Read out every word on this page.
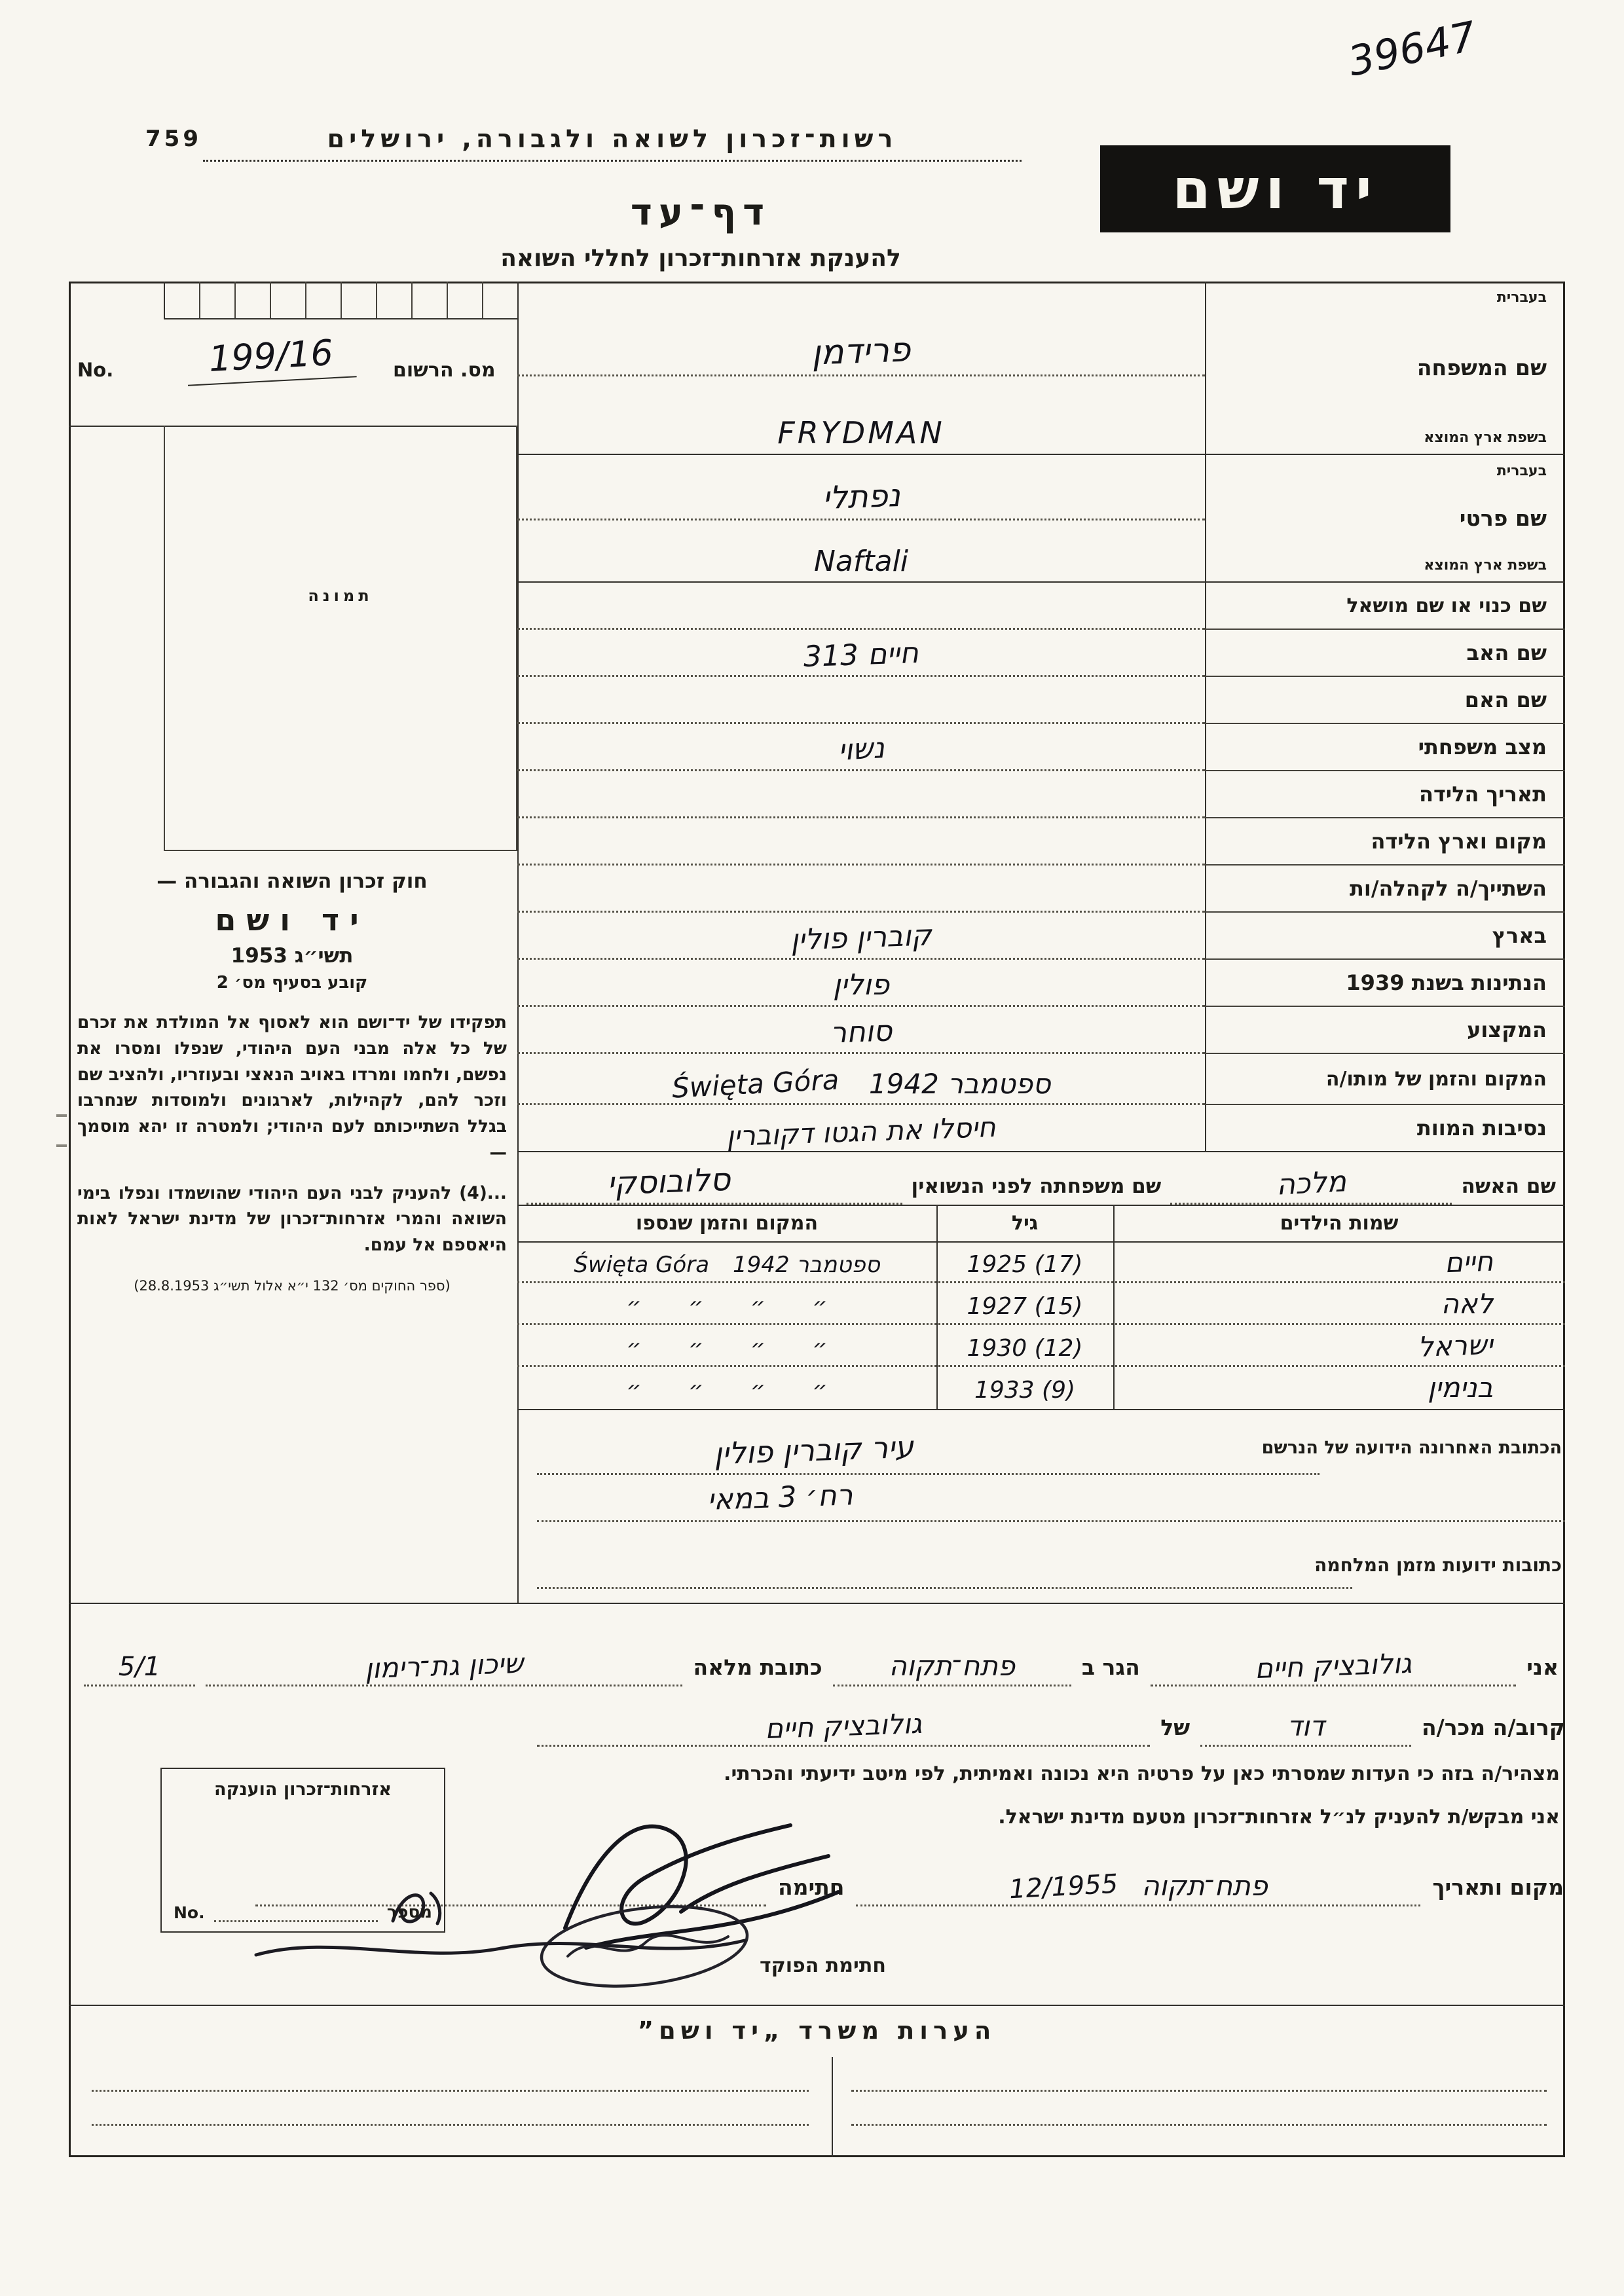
39647
759	רשות־זכרון לשואה ולגבורה, ירושלים
יד ושם
דף־עד
להענקת אזרחות־זכרון לחללי השואה
No.	מס. הרשום
199/16
תמונה
חוק זכרון השואה והגבורה —
יד ושם
תשי״ג 1953
קובע בסעיף מס׳ 2
תפקידו של יד־ושם הוא לאסוף אל המולדת את זכרם של כל אלה מבני העם היהודי, שנפלו ומסרו את נפשם, ולחמו ומרדו באויב הנאצי ובעוזריו, ולהציב שם וזכר להם, לקהילות, לארגונים ולמוסדות שנחרבו בגלל השתייכותם לעם היהודי; ולמטרה זו יהא מוסמך —
...(4) להעניק לבני העם היהודי שהושמדו ונפלו בימי השואה והמרי אזרחות־זכרון של מדינת ישראל לאות היאספם אל עמם.
(ספר החוקים מס׳ 132 י״א אלול תשי״ג 28.8.1953)
פרידמן
FRYDMAN
נפתלי
Naftali
חיים 313
נשוי
קוברין פולין
פולין
סוחר
ספטמבר 1942
Święta Góra
חיסלו את הגטו דקוברין
בעברית
שם המשפחה
בשפת ארץ המוצא
בעברית
שם פרטי
בשפת ארץ המוצא
שם כנוי או שם מושאל
שם האב
שם האם
מצב משפחתי
תאריך הלידה
מקום וארץ הלידה
השתייך/ה לקהלה/ות
בארץ
הנתינות בשנת 1939
המקצוע
המקום והזמן של מותו/ה
נסיבות המוות
שם האשה
מלכה
שם משפחתה לפני הנשואין
סלובוסקי
שמות הילדים
גיל
המקום והזמן שנספו
חיים
1925 (17)
ספטמבר 1942
Święta Góra
לאה
1927 (15)
״ ״ ״ ״
ישראל
1930 (12)
״ ״ ״ ״
בנימין
1933 (9)
״ ״ ״ ״
הכתובת האחרונה הידועה של הנרשם
עיר קוברין פולין
רח׳ 3 במאי
כתובות ידועות מזמן המלחמה
אני
גולובציק חיים
הגר ב
פתח־תקוה
כתובת מלאה
שיכון גת־רימון
5/1
קרוב/ה מכר/ה
דוד
של
גולובציק חיים
מצהיר/ה בזה כי העדות שמסרתי כאן על פרטיה היא נכונה ואמיתית, לפי מיטב ידיעתי והכרתי.
אני מבקש/ת להעניק לנ״ל אזרחות־זכרון מטעם מדינת ישראל.
מקום ותאריך
פתח־תקוה
12/1955
חתימה
חתימת הפוקד
אזרחות־זכרון הוענקה
מספר
No.
הערות משרד „יד ושם”
